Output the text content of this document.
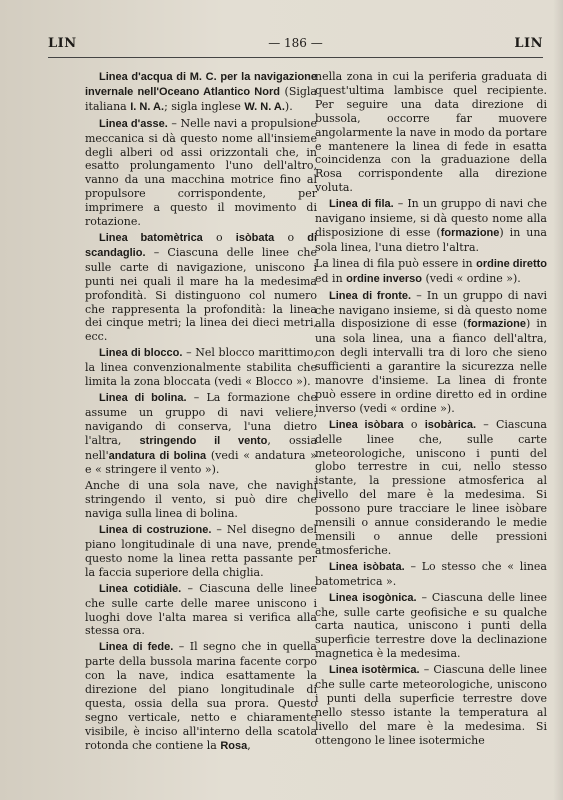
LIN	— 186 —	LIN

Linea d'acqua di M. C. per la navigazione invernale nell'Oceano Atlantico Nord (Sigla italiana I. N. A.; sigla inglese W. N. A.).

Linea d'asse. – Nelle navi a propulsione meccanica si dà questo nome all'insieme degli alberi od assi orizzontali che, in esatto prolungamento l'uno dell'altro, vanno da una macchina motrice fino al propulsore corrispondente, per imprimere a questo il movimento di rotazione.

Linea batomètrica o isòbata o di scandaglio. – Ciascuna delle linee che sulle carte di navigazione, uniscono i punti nei quali il mare ha la medesima profondità. Si distinguono col numero che rappresenta la profondità: la linea dei cinque metri; la linea dei dieci metri, ecc.

Linea di blocco. – Nel blocco marittimo, la linea convenzionalmente stabilita che limita la zona bloccata (vedi « Blocco »).

Linea di bolina. – La formazione che assume un gruppo di navi veliere, navigando di conserva, l'una dietro l'altra, stringendo il vento, ossia nell'andatura di bolina (vedi « andatura » e « stringere il vento »).

Anche di una sola nave, che navighi stringendo il vento, si può dire che naviga sulla linea di bolina.

Linea di costruzione. – Nel disegno del piano longitudinale di una nave, prende questo nome la linea retta passante per la faccia superiore della chiglia.

Linea cotidiàle. – Ciascuna delle linee che sulle carte delle maree uniscono i luoghi dove l'alta marea si verifica alla stessa ora.

Linea di fede. – Il segno che in quella parte della bussola marina facente corpo con la nave, indica esattamente la direzione del piano longitudinale di questa, ossia della sua prora. Questo segno verticale, netto e chiaramente visibile, è inciso all'interno della scatola rotonda che contiene la Rosa,

nella zona in cui la periferia graduata di quest'ultima lambisce quel recipiente. Per seguire una data direzione di bussola, occorre far muovere angolarmente la nave in modo da portare e mantenere la linea di fede in esatta coincidenza con la graduazione della Rosa corrispondente alla direzione voluta.

Linea di fila. – In un gruppo di navi che navigano insieme, si dà questo nome alla disposizione di esse (formazione) in una sola linea, l'una dietro l'altra.

La linea di fila può essere in ordine diretto ed in ordine inverso (vedi « ordine »).

Linea di fronte. – In un gruppo di navi che navigano insieme, si dà questo nome alla disposizione di esse (formazione) in una sola linea, una a fianco dell'altra, con degli intervalli tra di loro che sieno sufficienti a garantire la sicurezza nelle manovre d'insieme. La linea di fronte può essere in ordine diretto ed in ordine inverso (vedi « ordine »).

Linea isòbara o isobàrica. – Ciascuna delle linee che, sulle carte meteorologiche, uniscono i punti del globo terrestre in cui, nello stesso istante, la pressione atmosferica al livello del mare è la medesima. Si possono pure tracciare le linee isòbare mensili o annue considerando le medie mensili o annue delle pressioni atmosferiche.

Linea isòbata. – Lo stesso che « linea batometrica ».

Linea isogònica. – Ciascuna delle linee che, sulle carte geofisiche e su qualche carta nautica, uniscono i punti della superficie terrestre dove la declinazione magnetica è la medesima.

Linea isotèrmica. – Ciascuna delle linee che sulle carte meteorologiche, uniscono i punti della superficie terrestre dove nello stesso istante la temperatura al livello del mare è la medesima. Si ottengono le linee isotermiche
